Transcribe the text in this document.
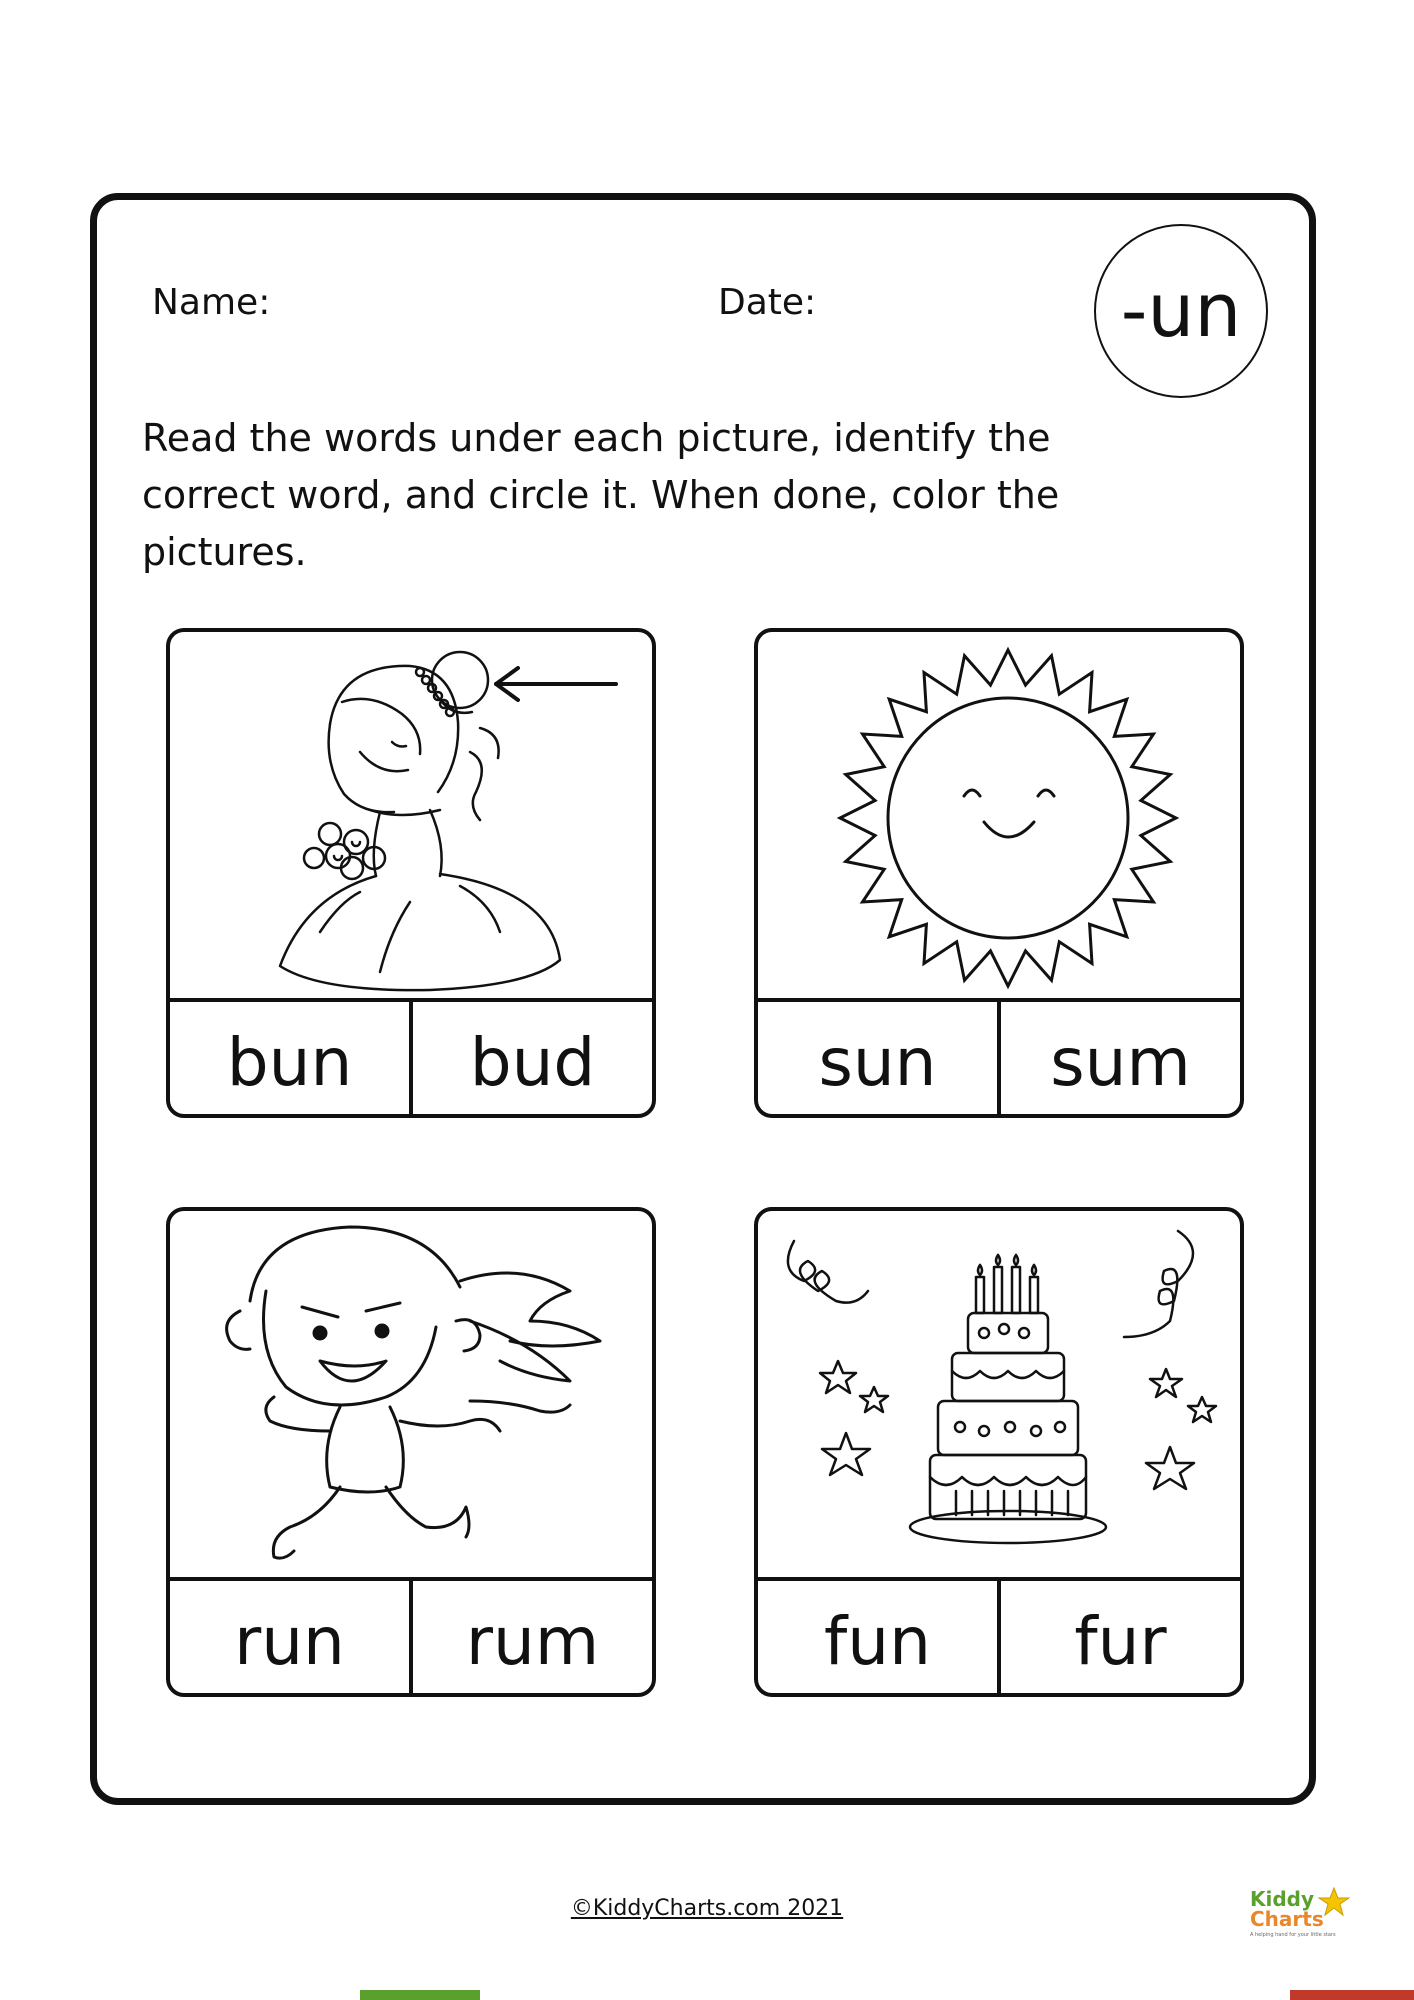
Name:	Date:	-un
Read the words under each picture, identify the correct word, and circle it. When done, color the pictures.
bun	bud	sun	sum
run	rum	fun	fur
©KiddyCharts.com 2021	Kiddy
Charts
A helping hand for your little stars
